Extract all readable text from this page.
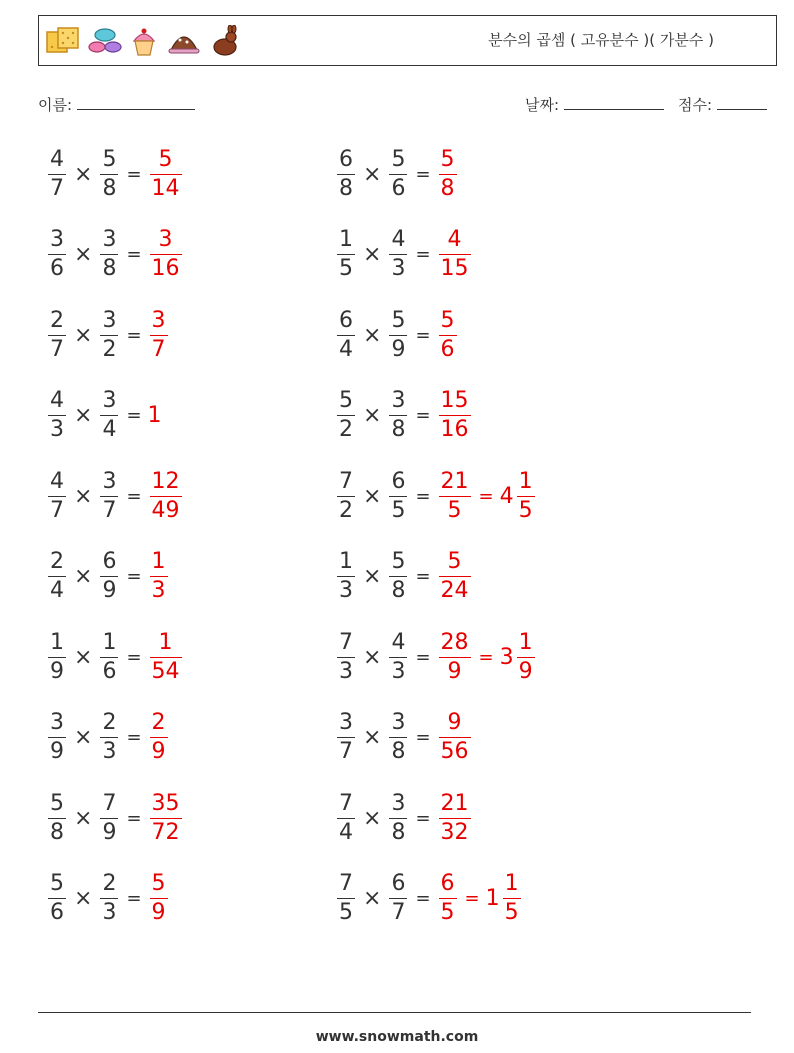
분수의 곱셈 ( 고유분수 )( 가분수 )
이름:	날짜:	점수:
$\frac{4}{7} \times \frac{5}{8} = \frac{5}{14}$	$\frac{6}{8} \times \frac{5}{6} = \frac{5}{8}$
$\frac{3}{6} \times \frac{3}{8} = \frac{3}{16}$	$\frac{1}{5} \times \frac{4}{3} = \frac{4}{15}$
$\frac{2}{7} \times \frac{3}{2} = \frac{3}{7}$	$\frac{6}{4} \times \frac{5}{9} = \frac{5}{6}$
$\frac{4}{3} \times \frac{3}{4} = 1$	$\frac{5}{2} \times \frac{3}{8} = \frac{15}{16}$
$\frac{4}{7} \times \frac{3}{7} = \frac{12}{49}$	$\frac{7}{2} \times \frac{6}{5} = \frac{21}{5} = 4 \frac{1}{5}$
$\frac{2}{4} \times \frac{6}{9} = \frac{1}{3}$	$\frac{1}{3} \times \frac{5}{8} = \frac{5}{24}$
$\frac{1}{9} \times \frac{1}{6} = \frac{1}{54}$	$\frac{7}{3} \times \frac{4}{3} = \frac{28}{9} = 3 \frac{1}{9}$
$\frac{3}{9} \times \frac{2}{3} = \frac{2}{9}$	$\frac{3}{7} \times \frac{3}{8} = \frac{9}{56}$
$\frac{5}{8} \times \frac{7}{9} = \frac{35}{72}$	$\frac{7}{4} \times \frac{3}{8} = \frac{21}{32}$
$\frac{5}{6} \times \frac{2}{3} = \frac{5}{9}$	$\frac{7}{5} \times \frac{6}{7} = \frac{6}{5} = 1 \frac{1}{5}$
www.snowmath.com
